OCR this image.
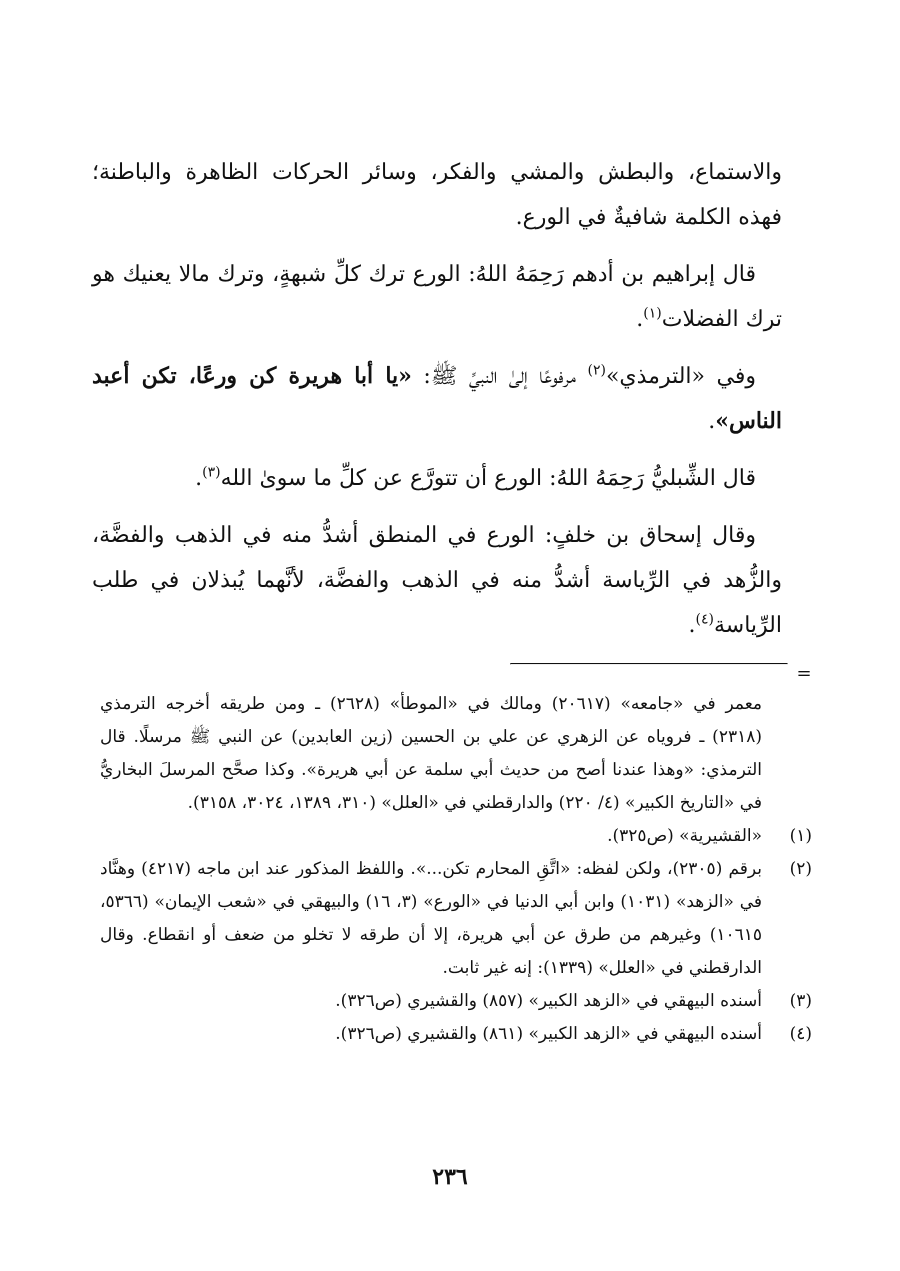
والاستماع، والبطش والمشي والفكر، وسائر الحركات الظاهرة والباطنة؛ فهذه الكلمة شافيةٌ في الورع.

قال إبراهيم بن أدهم رَحِمَهُ اللهُ: الورع ترك كلِّ شبهةٍ، وترك مالا يعنيك هو ترك الفضلات$^{(١)}$.

وفي «الترمذي»$^{(٢)}$ مرفوعًا إلىٰ النبيِّ ﷺ: «يا أبا هريرة كن ورعًا، تكن أعبد الناس».

قال الشِّبليُّ رَحِمَهُ اللهُ: الورع أن تتورَّع عن كلِّ ما سوىٰ الله$^{(٣)}$.

وقال إسحاق بن خلفٍ: الورع في المنطق أشدُّ منه في الذهب والفضَّة، والزُّهد في الرِّياسة أشدُّ منه في الذهب والفضَّة، لأنَّهما يُبذلان في طلب الرِّياسة$^{(٤)}$.

=
معمر في «جامعه» (٢٠٦١٧) ومالك في «الموطأ» (٢٦٢٨) ـ ومن طريقه أخرجه الترمذي (٢٣١٨) ـ فروياه عن الزهري عن علي بن الحسين (زين العابدين) عن النبي ﷺ مرسلًا. قال الترمذي: «وهذا عندنا أصح من حديث أبي سلمة عن أبي هريرة». وكذا صحَّح المرسلَ البخاريُّ في «التاريخ الكبير» (٤/ ٢٢٠) والدارقطني في «العلل» (٣١٠، ١٣٨٩، ٣٠٢٤، ٣١٥٨).
(١)
«القشيرية» (ص٣٢٥).
(٢)
برقم (٢٣٠٥)، ولكن لفظه: «اتَّقِ المحارم تكن...». واللفظ المذكور عند ابن ماجه (٤٢١٧) وهنَّاد في «الزهد» (١٠٣١) وابن أبي الدنيا في «الورع» (٣، ١٦) والبيهقي في «شعب الإيمان» (٥٣٦٦، ١٠٦١٥) وغيرهم من طرق عن أبي هريرة، إلا أن طرقه لا تخلو من ضعف أو انقطاع. وقال الدارقطني في «العلل» (١٣٣٩): إنه غير ثابت.
(٣)
أسنده البيهقي في «الزهد الكبير» (٨٥٧) والقشيري (ص٣٢٦).
(٤)
أسنده البيهقي في «الزهد الكبير» (٨٦١) والقشيري (ص٣٢٦).
٢٣٦
